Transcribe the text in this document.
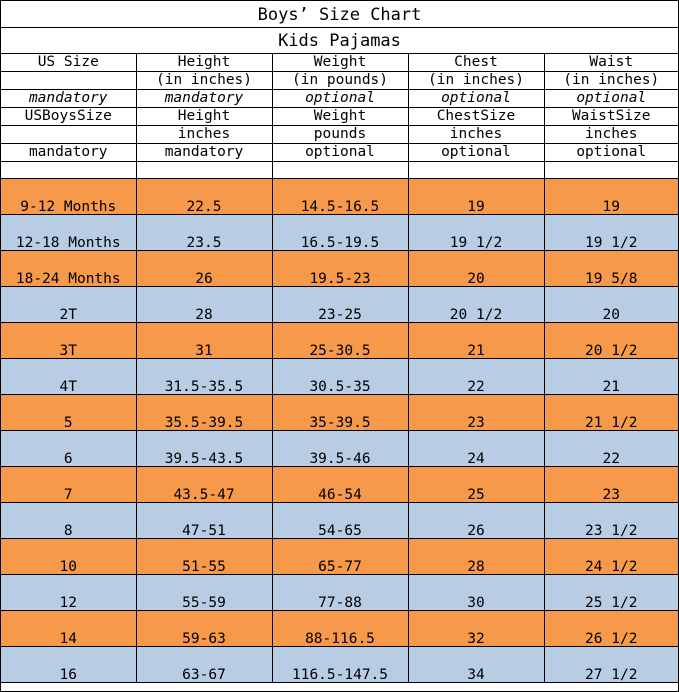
Boys’ Size Chart
Kids Pajamas
US Size	Height	Weight	Chest	Waist
	(in inches)	(in pounds)	(in inches)	(in inches)
mandatory	mandatory	optional	optional	optional
USBoysSize	Height	Weight	ChestSize	WaistSize
	inches	pounds	inches	inches
mandatory	mandatory	optional	optional	optional

9-12 Months	22.5	14.5-16.5	19	19
12-18 Months	23.5	16.5-19.5	19 1/2	19 1/2
18-24 Months	26	19.5-23	20	19 5/8
2T	28	23-25	20 1/2	20
3T	31	25-30.5	21	20 1/2
4T	31.5-35.5	30.5-35	22	21
5	35.5-39.5	35-39.5	23	21 1/2
6	39.5-43.5	39.5-46	24	22
7	43.5-47	46-54	25	23
8	47-51	54-65	26	23 1/2
10	51-55	65-77	28	24 1/2
12	55-59	77-88	30	25 1/2
14	59-63	88-116.5	32	26 1/2
16	63-67	116.5-147.5	34	27 1/2
